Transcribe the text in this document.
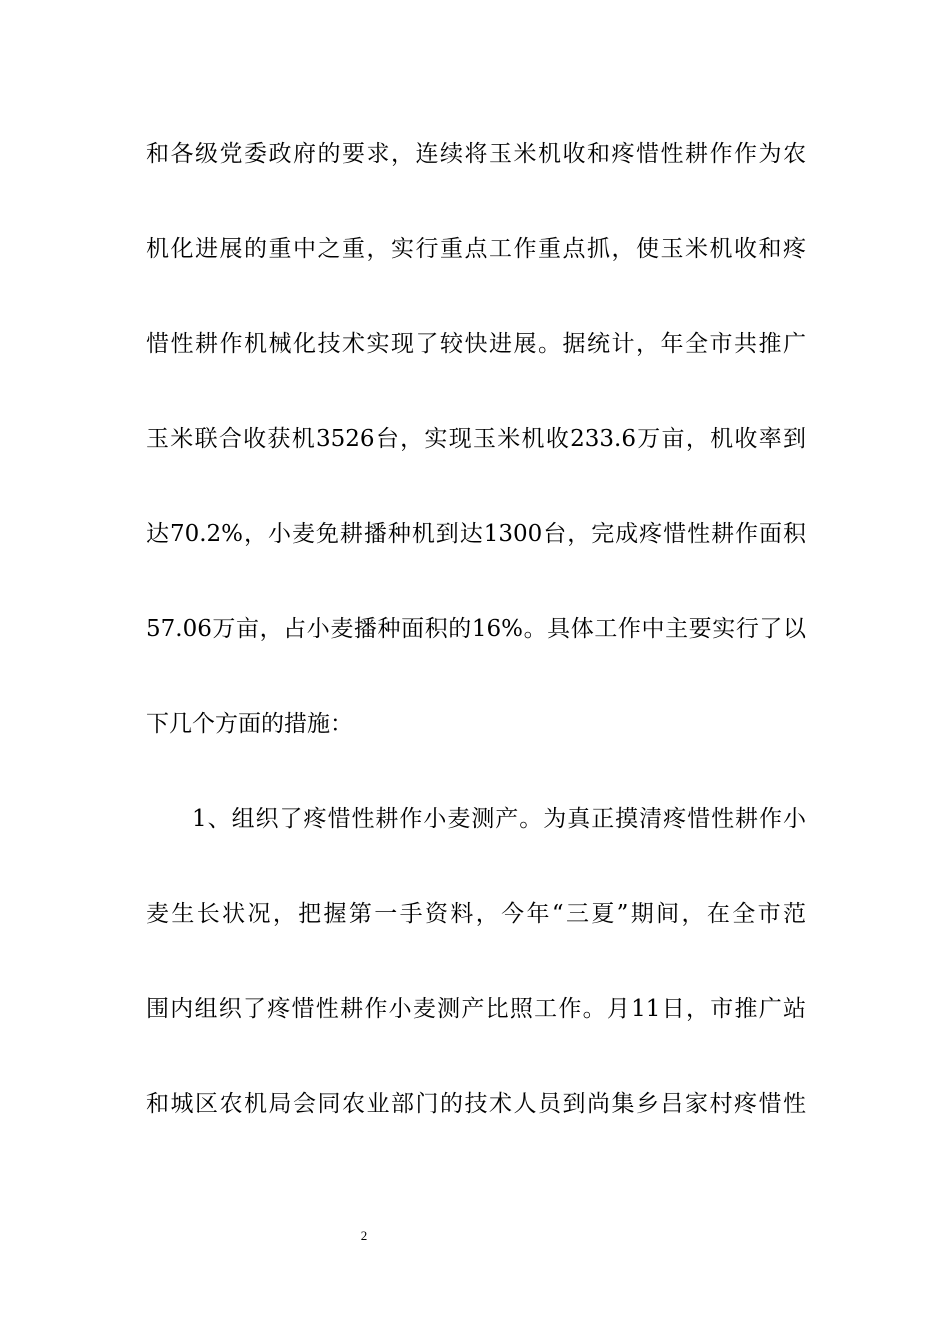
和各级党委政府的要求，连续将玉米机收和疼惜性耕作作为农
机化进展的重中之重，实行重点工作重点抓，使玉米机收和疼
惜性耕作机械化技术实现了较快进展。据统计，年全市共推广
玉米联合收获机3526台，实现玉米机收233.6万亩，机收率到
达70.2%，小麦免耕播种机到达1300台，完成疼惜性耕作面积
57.06万亩，占小麦播种面积的16%。具体工作中主要实行了以
下几个方面的措施：
1、组织了疼惜性耕作小麦测产。为真正摸清疼惜性耕作小
麦生长状况，把握第一手资料，今年“三夏”期间，在全市范
围内组织了疼惜性耕作小麦测产比照工作。月11日，市推广站
和城区农机局会同农业部门的技术人员到尚集乡吕家村疼惜性
2
